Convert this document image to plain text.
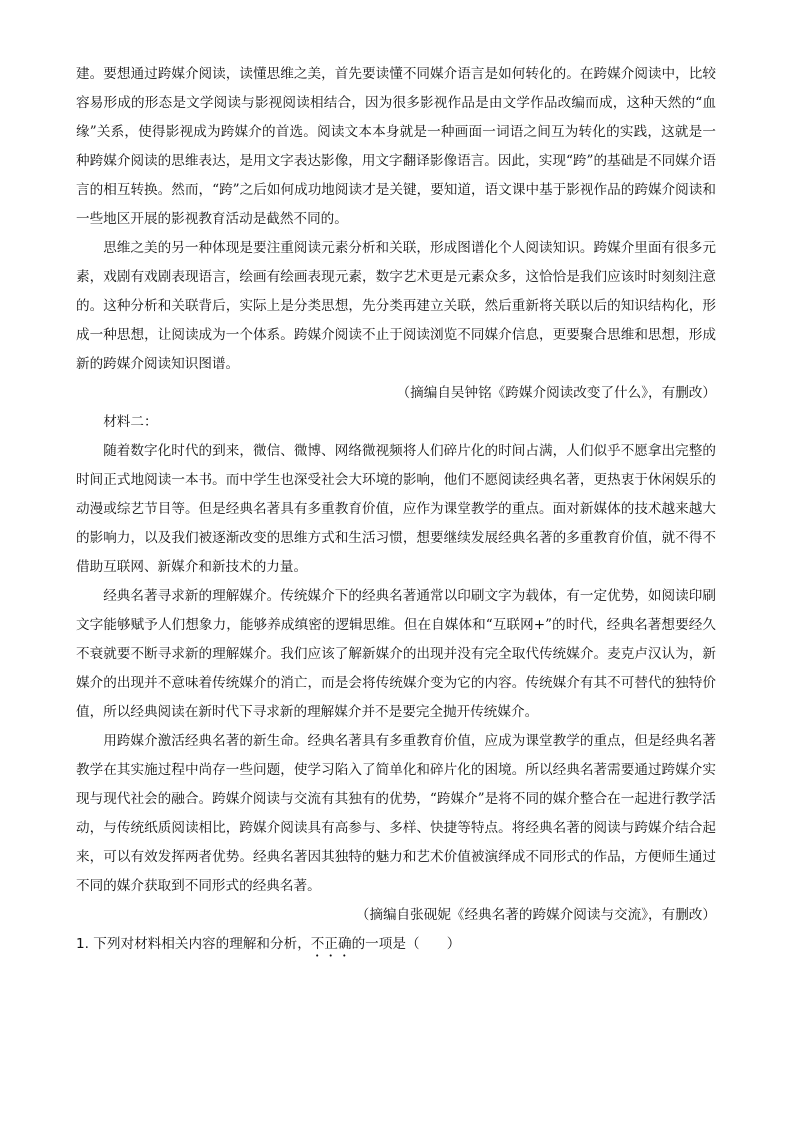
建。要想通过跨媒介阅读，读懂思维之美，首先要读懂不同媒介语言是如何转化的。在跨媒介阅读中，比较容易形成的形态是文学阅读与影视阅读相结合，因为很多影视作品是由文学作品改编而成，这种天然的“血缘”关系，使得影视成为跨媒介的首选。阅读文本本身就是一种画面一词语之间互为转化的实践，这就是一种跨媒介阅读的思维表达，是用文字表达影像，用文字翻译影像语言。因此，实现“跨”的基础是不同媒介语言的相互转换。然而，“跨”之后如何成功地阅读才是关键，要知道，语文课中基于影视作品的跨媒介阅读和一些地区开展的影视教育活动是截然不同的。

思维之美的另一种体现是要注重阅读元素分析和关联，形成图谱化个人阅读知识。跨媒介里面有很多元素，戏剧有戏剧表现语言，绘画有绘画表现元素，数字艺术更是元素众多，这恰恰是我们应该时时刻刻注意的。这种分析和关联背后，实际上是分类思想，先分类再建立关联，然后重新将关联以后的知识结构化，形成一种思想，让阅读成为一个体系。跨媒介阅读不止于阅读浏览不同媒介信息，更要聚合思维和思想，形成新的跨媒介阅读知识图谱。

（摘编自吴钟铭《跨媒介阅读改变了什么》，有删改）

材料二：

随着数字化时代的到来，微信、微博、网络微视频将人们碎片化的时间占满，人们似乎不愿拿出完整的时间正式地阅读一本书。而中学生也深受社会大环境的影响，他们不愿阅读经典名著，更热衷于休闲娱乐的动漫或综艺节目等。但是经典名著具有多重教育价值，应作为课堂教学的重点。面对新媒体的技术越来越大的影响力，以及我们被逐渐改变的思维方式和生活习惯，想要继续发展经典名著的多重教育价值，就不得不借助互联网、新媒介和新技术的力量。

经典名著寻求新的理解媒介。传统媒介下的经典名著通常以印刷文字为载体，有一定优势，如阅读印刷文字能够赋予人们想象力，能够养成缜密的逻辑思维。但在自媒体和“互联网+”的时代，经典名著想要经久不衰就要不断寻求新的理解媒介。我们应该了解新媒介的出现并没有完全取代传统媒介。麦克卢汉认为，新媒介的出现并不意味着传统媒介的消亡，而是会将传统媒介变为它的内容。传统媒介有其不可替代的独特价值，所以经典阅读在新时代下寻求新的理解媒介并不是要完全抛开传统媒介。

用跨媒介激活经典名著的新生命。经典名著具有多重教育价值，应成为课堂教学的重点，但是经典名著教学在其实施过程中尚存一些问题，使学习陷入了简单化和碎片化的困境。所以经典名著需要通过跨媒介实现与现代社会的融合。跨媒介阅读与交流有其独有的优势，“跨媒介”是将不同的媒介整合在一起进行教学活动，与传统纸质阅读相比，跨媒介阅读具有高参与、多样、快捷等特点。将经典名著的阅读与跨媒介结合起来，可以有效发挥两者优势。经典名著因其独特的魅力和艺术价值被演绎成不同形式的作品，方便师生通过不同的媒介获取到不同形式的经典名著。

（摘编自张砚妮《经典名著的跨媒介阅读与交流》，有删改）

1. 下列对材料相关内容的理解和分析，不正确的一项是（　　）
